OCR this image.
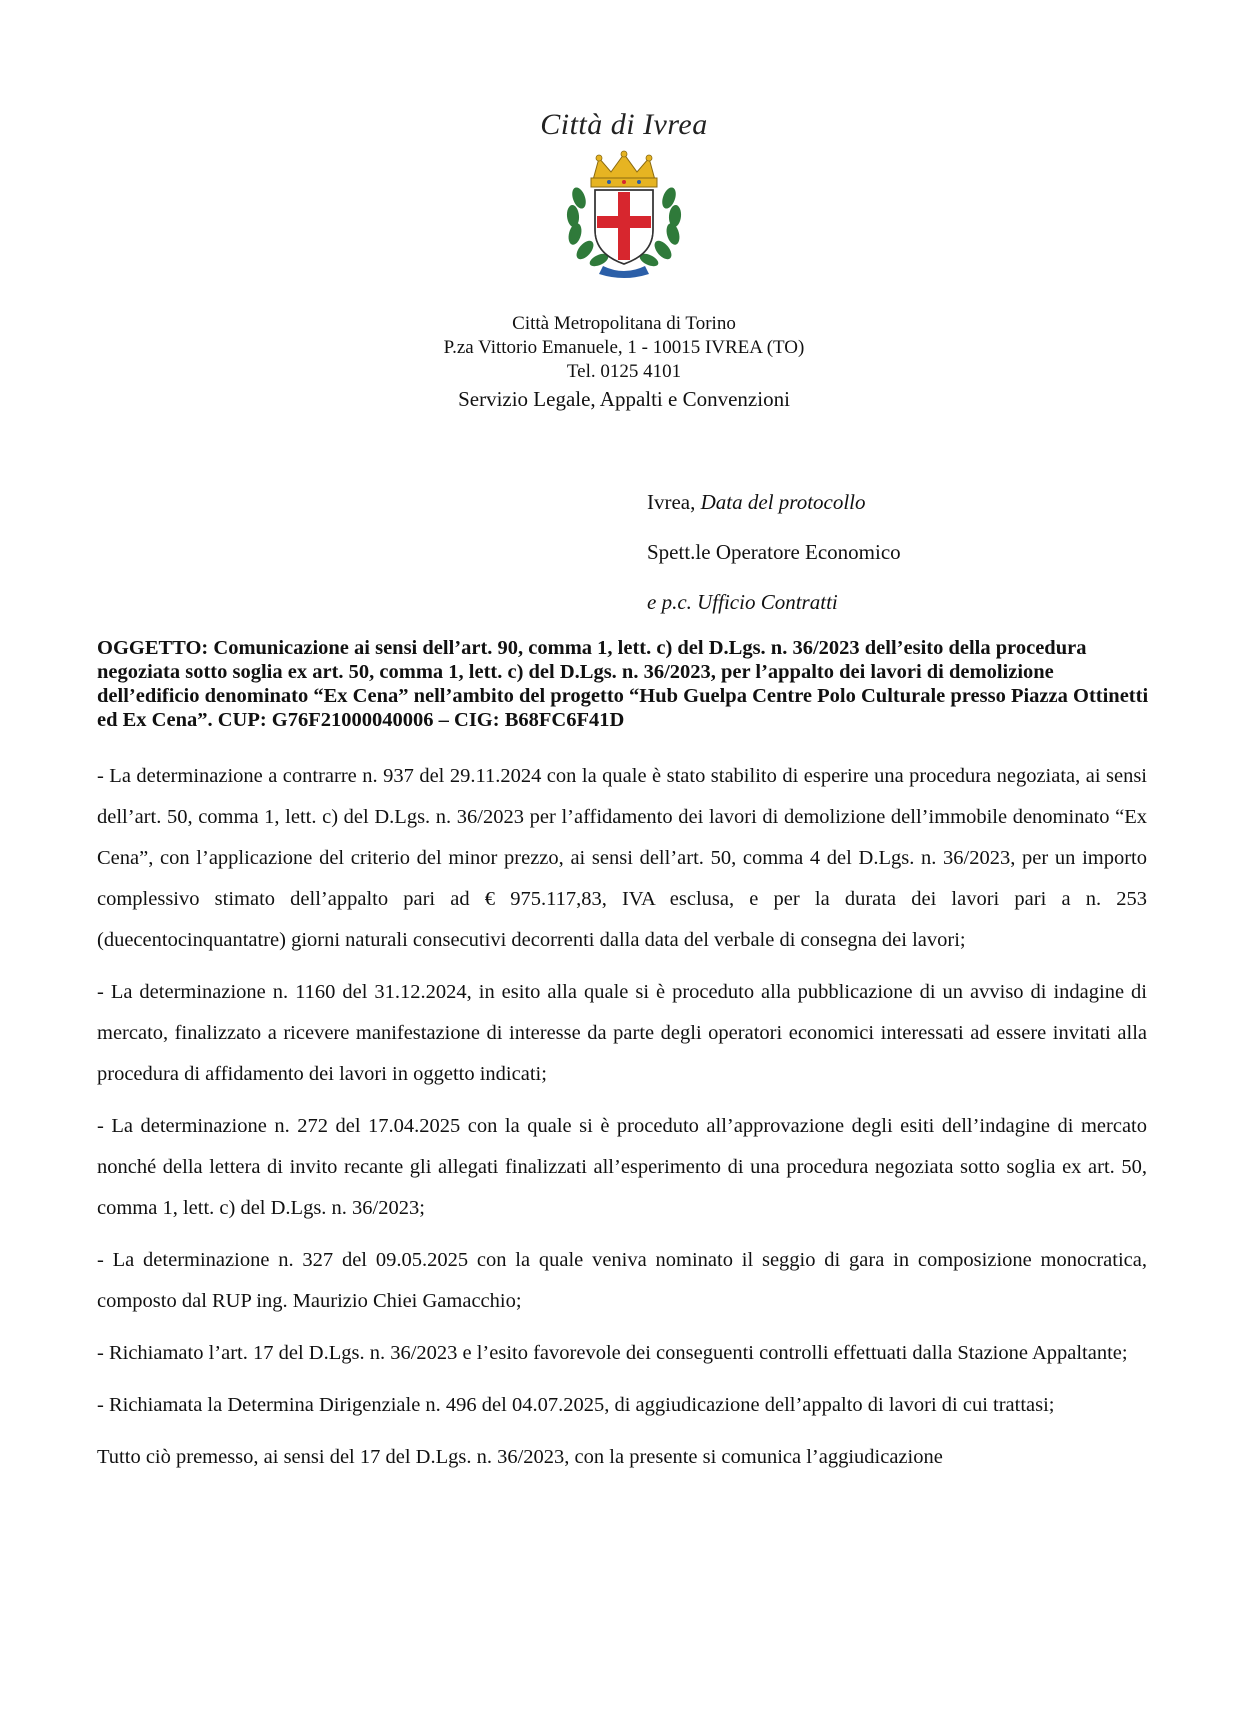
Città di Ivrea
Città Metropolitana di Torino
P.za Vittorio Emanuele, 1 - 10015 IVREA (TO)
Tel. 0125 4101
Servizio Legale, Appalti e Convenzioni
Ivrea, Data del protocollo
Spett.le Operatore Economico
e p.c. Ufficio Contratti
OGGETTO: Comunicazione ai sensi dell’art. 90, comma 1, lett. c) del D.Lgs. n. 36/2023 dell’esito della procedura negoziata sotto soglia ex art. 50, comma 1, lett. c) del D.Lgs. n. 36/2023, per l’appalto dei lavori di demolizione dell’edificio denominato “Ex Cena” nell’ambito del progetto “Hub Guelpa Centre Polo Culturale presso Piazza Ottinetti ed Ex Cena”. CUP: G76F21000040006 – CIG: B68FC6F41D

- La determinazione a contrarre n. 937 del 29.11.2024 con la quale è stato stabilito di esperire una procedura negoziata, ai sensi dell’art. 50, comma 1, lett. c) del D.Lgs. n. 36/2023 per l’affidamento dei lavori di demolizione dell’immobile denominato “Ex Cena”, con l’applicazione del criterio del minor prezzo, ai sensi dell’art. 50, comma 4 del D.Lgs. n. 36/2023, per un importo complessivo stimato dell’appalto pari ad € 975.117,83, IVA esclusa, e per la durata dei lavori pari a n. 253 (duecentocinquantatre) giorni naturali consecutivi decorrenti dalla data del verbale di consegna dei lavori;

- La determinazione n. 1160 del 31.12.2024, in esito alla quale si è proceduto alla pubblicazione di un avviso di indagine di mercato, finalizzato a ricevere manifestazione di interesse da parte degli operatori economici interessati ad essere invitati alla procedura di affidamento dei lavori in oggetto indicati;

- La determinazione n. 272 del 17.04.2025 con la quale si è proceduto all’approvazione degli esiti dell’indagine di mercato nonché della lettera di invito recante gli allegati finalizzati all’esperimento di una procedura negoziata sotto soglia ex art. 50, comma 1, lett. c) del D.Lgs. n. 36/2023;

- La determinazione n. 327 del 09.05.2025 con la quale veniva nominato il seggio di gara in composizione monocratica, composto dal RUP ing. Maurizio Chiei Gamacchio;

- Richiamato l’art. 17 del D.Lgs. n. 36/2023 e l’esito favorevole dei conseguenti controlli effettuati dalla Stazione Appaltante;

- Richiamata la Determina Dirigenziale n. 496 del 04.07.2025, di aggiudicazione dell’appalto di lavori di cui trattasi;

Tutto ciò premesso, ai sensi del 17 del D.Lgs. n. 36/2023, con la presente si comunica l’aggiudicazione
